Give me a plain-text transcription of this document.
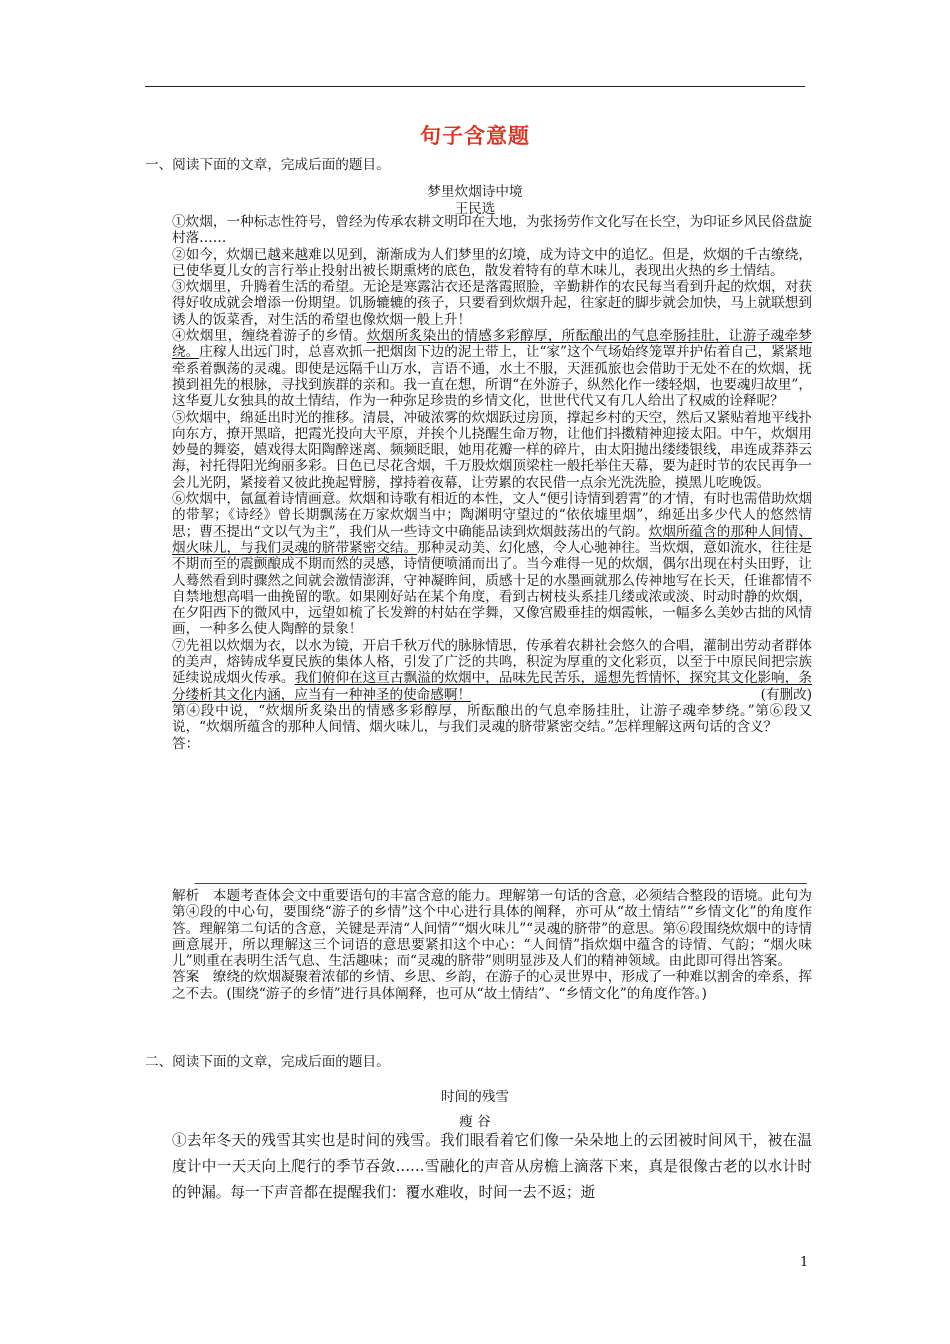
句子含意题
一、阅读下面的文章，完成后面的题目。
梦里炊烟诗中境
王民选

①炊烟，一种标志性符号，曾经为传承农耕文明印在大地，为张扬劳作文化写在长空，为印证乡风民俗盘旋村落……

②如今，炊烟已越来越难以见到，渐渐成为人们梦里的幻境，成为诗文中的追忆。但是，炊烟的千古缭绕，已使华夏儿女的言行举止投射出被长期熏烤的底色，散发着特有的草木味儿，表现出火热的乡土情结。

③炊烟里，升腾着生活的希望。无论是寒露沾衣还是落霞照脸，辛勤耕作的农民每当看到升起的炊烟，对获得好收成就会增添一份期望。饥肠辘辘的孩子，只要看到炊烟升起，往家赶的脚步就会加快，马上就联想到诱人的饭菜香，对生活的希望也像炊烟一般上升！

④炊烟里，缠绕着游子的乡情。炊烟所炙染出的情感多彩醇厚，所酝酿出的气息牵肠挂肚，让游子魂牵梦绕。庄稼人出远门时，总喜欢抓一把烟囱下边的泥土带上，让“家”这个气场始终笼罩并护佑着自己，紧紧地牵系着飘荡的灵魂。即使是远隔千山万水，言语不通，水土不服，天涯孤旅也会借助于无处不在的炊烟，抚摸到祖先的根脉，寻找到族群的亲和。我一直在想，所谓“在外游子，纵然化作一缕轻烟，也要魂归故里”，这华夏儿女独具的故土情结，作为一种弥足珍贵的乡情文化，世世代代又有几人给出了权威的诠释呢？

⑤炊烟中，绵延出时光的推移。清晨，冲破浓雾的炊烟跃过房顶，撑起乡村的天空，然后又紧贴着地平线扑向东方，撩开黑暗，把霞光投向大平原，并挨个儿挠醒生命万物，让他们抖擞精神迎接太阳。中午，炊烟用妙曼的舞姿，嬉戏得太阳陶醉迷离、频频眨眼，她用花瓣一样的碎片，由太阳抛出缕缕银线，串连成莽莽云海，衬托得阳光绚丽多彩。日色已尽花含烟，千万股炊烟顶梁柱一般托举住天幕，要为赶时节的农民再争一会儿光阴，紧接着又彼此挽起臂膀，撑持着夜幕，让劳累的农民借一点余光洗洗脸，摸黑儿吃晚饭。

⑥炊烟中，氤氲着诗情画意。炊烟和诗歌有相近的本性，文人“便引诗情到碧霄”的才情，有时也需借助炊烟的带挈；《诗经》曾长期飘荡在万家炊烟当中；陶渊明守望过的“依依墟里烟”，绵延出多少代人的悠然情思；曹丕提出“文以气为主”，我们从一些诗文中确能品读到炊烟鼓荡出的气韵。炊烟所蕴含的那种人间情、烟火味儿，与我们灵魂的脐带紧密交结。那种灵动美、幻化感，令人心驰神往。当炊烟，意如流水，往往是不期而至的震颤酿成不期而然的灵感，诗情便喷涌而出了。当今难得一见的炊烟，偶尔出现在村头田野，让人蓦然看到时骤然之间就会激情澎湃，守神凝眸间，质感十足的水墨画就那么传神地写在长天，任谁都情不自禁地想高唱一曲挽留的歌。如果刚好站在某个角度，看到古树枝头系挂几缕或浓或淡、时动时静的炊烟，在夕阳西下的微风中，远望如梳了长发辫的村姑在学舞，又像宫殿垂挂的烟霞帐，一幅多么美妙古拙的风情画，一种多么使人陶醉的景象！

⑦先祖以炊烟为衣，以水为镜，开启千秋万代的脉脉情思，传承着农耕社会悠久的合唱，灌制出劳动者群体的美声，熔铸成华夏民族的集体人格，引发了广泛的共鸣，积淀为厚重的文化彩页，以至于中原民间把宗族延续说成烟火传承。我们俯仰在这亘古飘溢的炊烟中，品味先民苦乐，遥想先哲情怀，探究其文化影响，条分缕析其文化内涵，应当有一种神圣的使命感啊！	(有删改)

第④段中说，“炊烟所炙染出的情感多彩醇厚，所酝酿出的气息牵肠挂肚，让游子魂牵梦绕。”第⑥段又说，“炊烟所蕴含的那种人间情、烟火味儿，与我们灵魂的脐带紧密交结。”怎样理解这两句话的含义？

答：

解析　本题考查体会文中重要语句的丰富含意的能力。理解第一句话的含意，必须结合整段的语境。此句为第④段的中心句，要围绕“游子的乡情”这个中心进行具体的阐释，亦可从“故土情结”“乡情文化”的角度作答。理解第二句话的含意，关键是弄清“人间情”“烟火味儿”“灵魂的脐带”的意思。第⑥段围绕炊烟中的诗情画意展开，所以理解这三个词语的意思要紧扣这个中心：“人间情”指炊烟中蕴含的诗情、气韵；“烟火味儿”则重在表明生活气息、生活趣味；而“灵魂的脐带”则明显涉及人们的精神领域。由此即可得出答案。

答案　缭绕的炊烟凝聚着浓郁的乡情、乡思、乡韵，在游子的心灵世界中，形成了一种难以割舍的牵系，挥之不去。(围绕“游子的乡情”进行具体阐释，也可从“故土情结”、“乡情文化”的角度作答。)

二、阅读下面的文章，完成后面的题目。
时间的残雪
瘦 谷

①去年冬天的残雪其实也是时间的残雪。我们眼看着它们像一朵朵地上的云团被时间风干，被在温度计中一天天向上爬行的季节吞敛……雪融化的声音从房檐上滴落下来，真是很像古老的以水计时的钟漏。每一下声音都在提醒我们：覆水难收，时间一去不返；逝

1
